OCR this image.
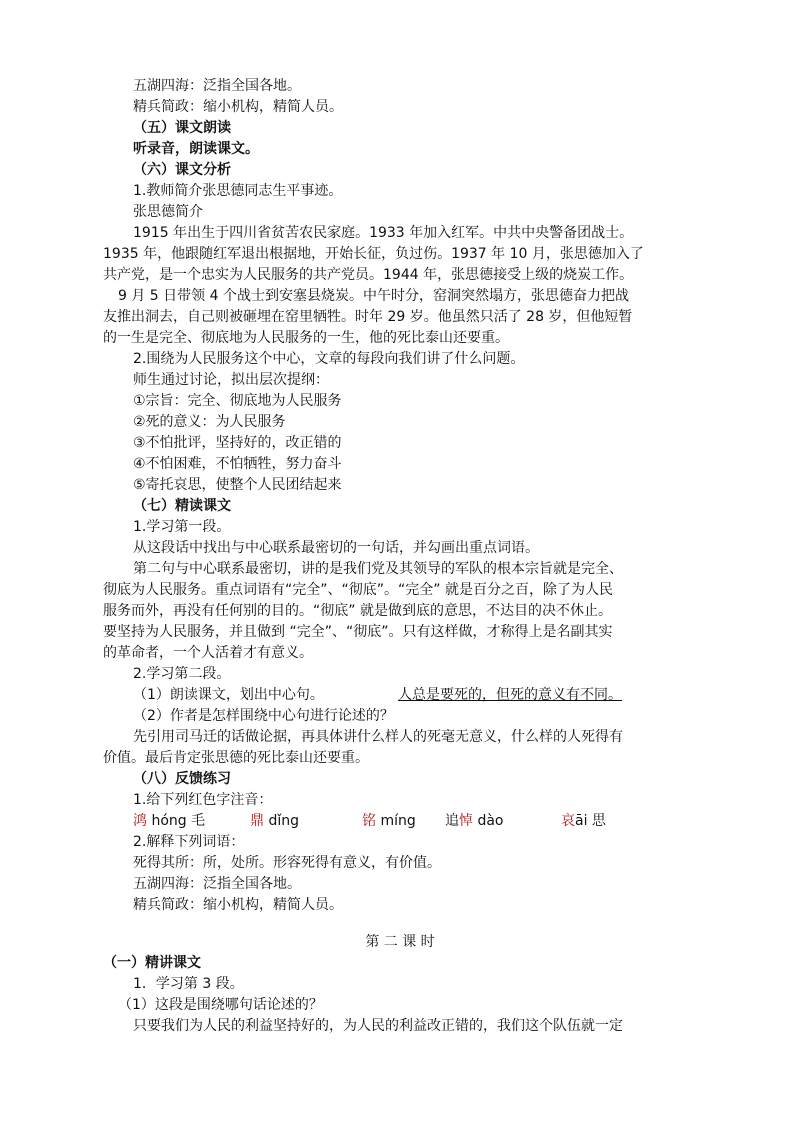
五湖四海：泛指全国各地。
精兵简政：缩小机构，精简人员。
（五）课文朗读
听录音，朗读课文。
（六）课文分析
1.教师简介张思德同志生平事迹。
张思德简介
1915 年出生于四川省贫苦农民家庭。1933 年加入红军。中共中央警备团战士。
1935 年，他跟随红军退出根据地，开始长征，负过伤。1937 年 10 月，张思德加入了
共产党，是一个忠实为人民服务的共产党员。1944 年，张思德接受上级的烧炭工作。
9 月 5 日带领 4 个战士到安塞县烧炭。中午时分，窑洞突然塌方，张思德奋力把战
友推出洞去，自己则被砸埋在窑里牺牲。时年 29 岁。他虽然只活了 28 岁，但他短暂
的一生是完全、彻底地为人民服务的一生，他的死比泰山还要重。
2.围绕为人民服务这个中心，文章的每段向我们讲了什么问题。
师生通过讨论，拟出层次提纲：
①宗旨：完全、彻底地为人民服务
②死的意义：为人民服务
③不怕批评，坚持好的，改正错的
④不怕困难，不怕牺牲，努力奋斗
⑤寄托哀思，使整个人民团结起来
（七）精读课文
1.学习第一段。
从这段话中找出与中心联系最密切的一句话，并勾画出重点词语。
第二句与中心联系最密切，讲的是我们党及其领导的军队的根本宗旨就是完全、
彻底为人民服务。重点词语有“完全”、“彻底”。“完全” 就是百分之百，除了为人民
服务而外，再没有任何别的目的。“彻底” 就是做到底的意思，不达目的决不休止。
要坚持为人民服务，并且做到 “完全”、“彻底”。只有这样做，才称得上是名副其实
的革命者，一个人活着才有意义。
2.学习第二段。
（1）朗读课文，划出中心句。	人总是要死的，但死的意义有不同。
（2）作者是怎样围绕中心句进行论述的？
先引用司马迁的话做论据，再具体讲什么样人的死毫无意义，什么样的人死得有
价值。最后肯定张思德的死比泰山还要重。
（八）反馈练习
1.给下列红色字注音：
鸿 hóng 毛	鼎 dǐng	铭 míng 追悼 dào	哀āi 思
2.解释下列词语：
死得其所：所，处所。形容死得有意义，有价值。
五湖四海：泛指全国各地。
精兵简政：缩小机构，精简人员。
第 二 课 时
（一）精讲课文
1．学习第 3 段。
（1）这段是围绕哪句话论述的？
只要我们为人民的利益坚持好的，为人民的利益改正错的，我们这个队伍就一定
